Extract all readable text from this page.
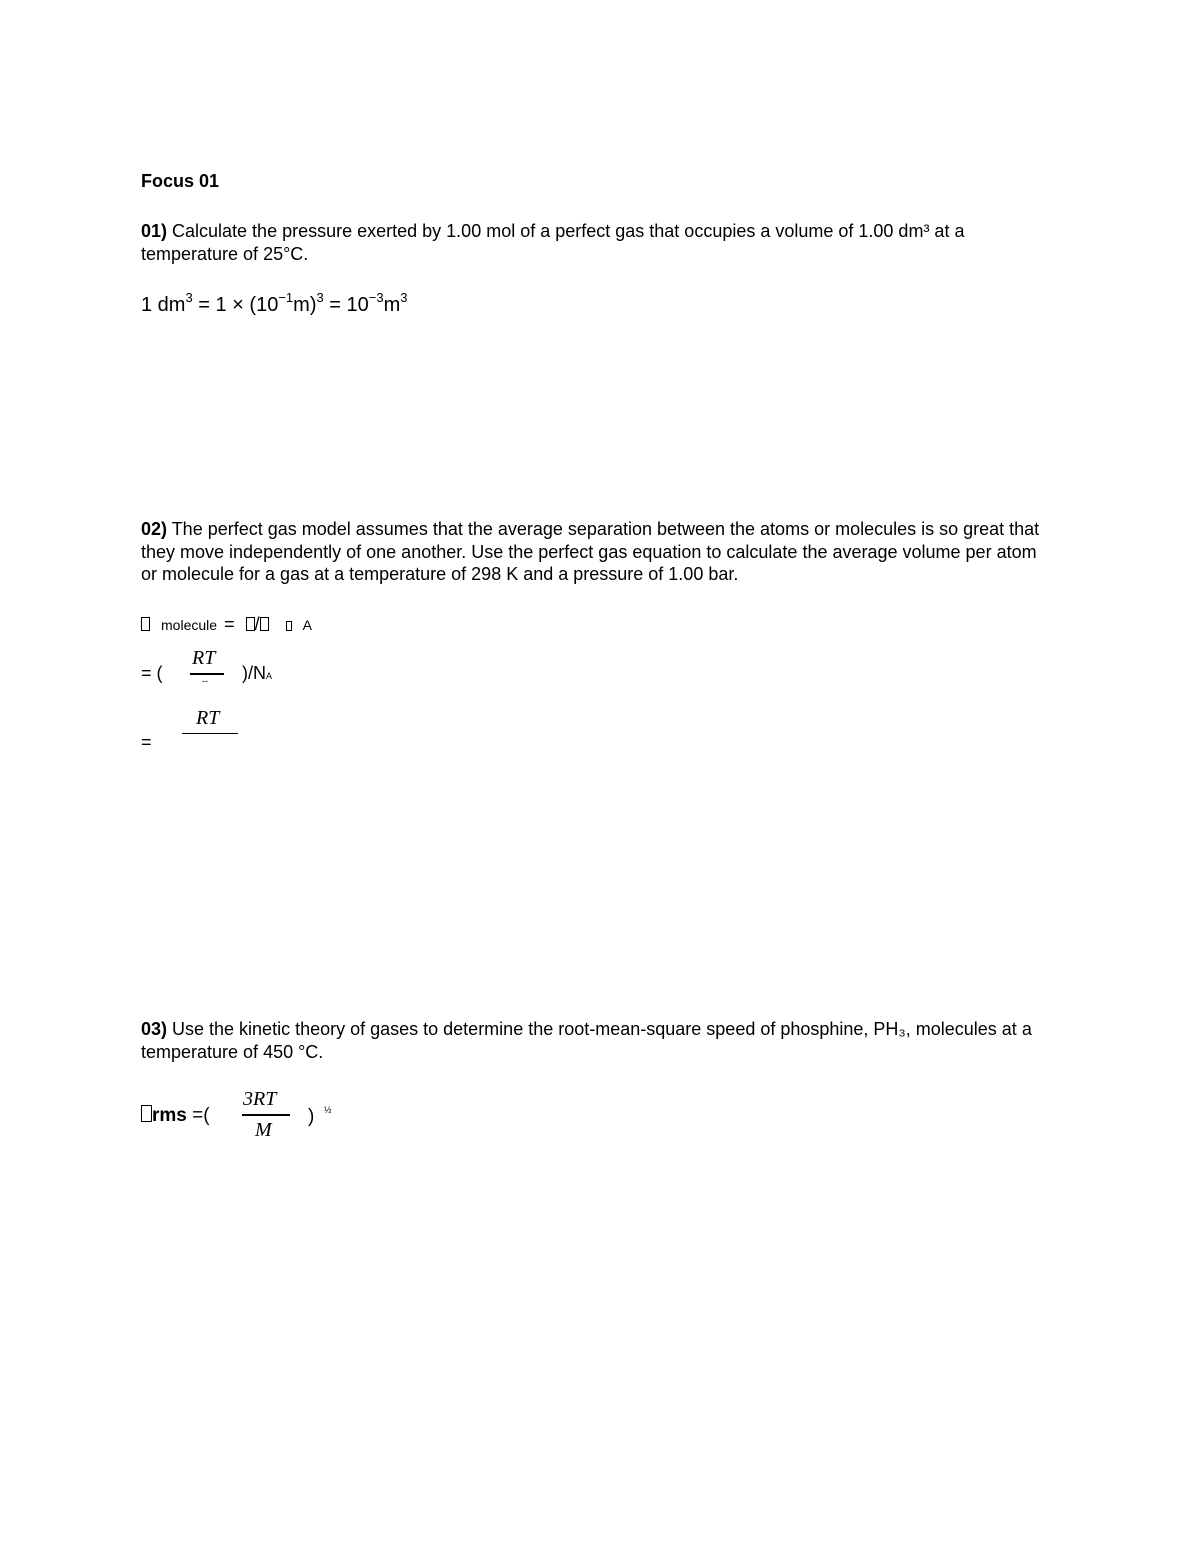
Focus 01
01) Calculate the pressure exerted by 1.00 mol of a perfect gas that occupies a volume of 1.00 dm³ at a temperature of 25°C.
1 $dm^3 = 1 \times (10^{-1}m)^3 = 10^{-3}m^3$
02) The perfect gas model assumes that the average separation between the atoms or molecules is so great that they move independently of one another. Use the perfect gas equation to calculate the average volume per atom or molecule for a gas at a temperature of 298 K and a pressure of 1.00 bar.
molecule = /	A
= (
RT
-- )/NA
RT
=
03) Use the kinetic theory of gases to determine the root-mean-square speed of phosphine, PH₃, molecules at a temperature of 450 °C.
rms =(
3RT
M
) ½
